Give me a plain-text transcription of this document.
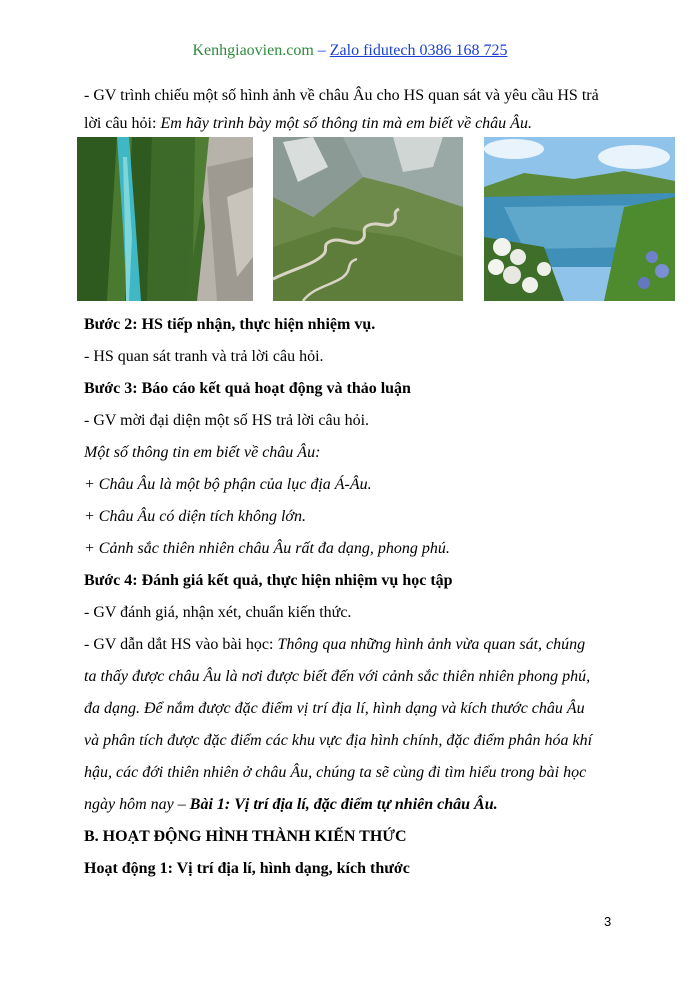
Kenhgiaovien.com – Zalo fidutech 0386 168 725
- GV trình chiếu một số hình ảnh về châu Âu cho HS quan sát và yêu cầu HS trả
lời câu hỏi: Em hãy trình bày một số thông tin mà em biết về châu Âu.
Bước 2: HS tiếp nhận, thực hiện nhiệm vụ.
- HS quan sát tranh và trả lời câu hỏi.
Bước 3: Báo cáo kết quả hoạt động và thảo luận
- GV mời đại diện một số HS trả lời câu hỏi.
Một số thông tin em biết về châu Âu:
+ Châu Âu là một bộ phận của lục địa Á-Âu.
+ Châu Âu có diện tích không lớn.
+ Cảnh sắc thiên nhiên châu Âu rất đa dạng, phong phú.
Bước 4: Đánh giá kết quả, thực hiện nhiệm vụ học tập
- GV đánh giá, nhận xét, chuẩn kiến thức.
- GV dẫn dắt HS vào bài học: Thông qua những hình ảnh vừa quan sát, chúng
ta thấy được châu Âu là nơi được biết đến với cảnh sắc thiên nhiên phong phú,
đa dạng. Để nắm được đặc điểm vị trí địa lí, hình dạng và kích thước châu Âu
và phân tích được đặc điểm các khu vực địa hình chính, đặc điểm phân hóa khí
hậu, các đới thiên nhiên ở châu Âu, chúng ta sẽ cùng đi tìm hiểu trong bài học
ngày hôm nay – Bài 1: Vị trí địa lí, đặc điểm tự nhiên châu Âu.
B. HOẠT ĐỘNG HÌNH THÀNH KIẾN THỨC
Hoạt động 1: Vị trí địa lí, hình dạng, kích thước
3
